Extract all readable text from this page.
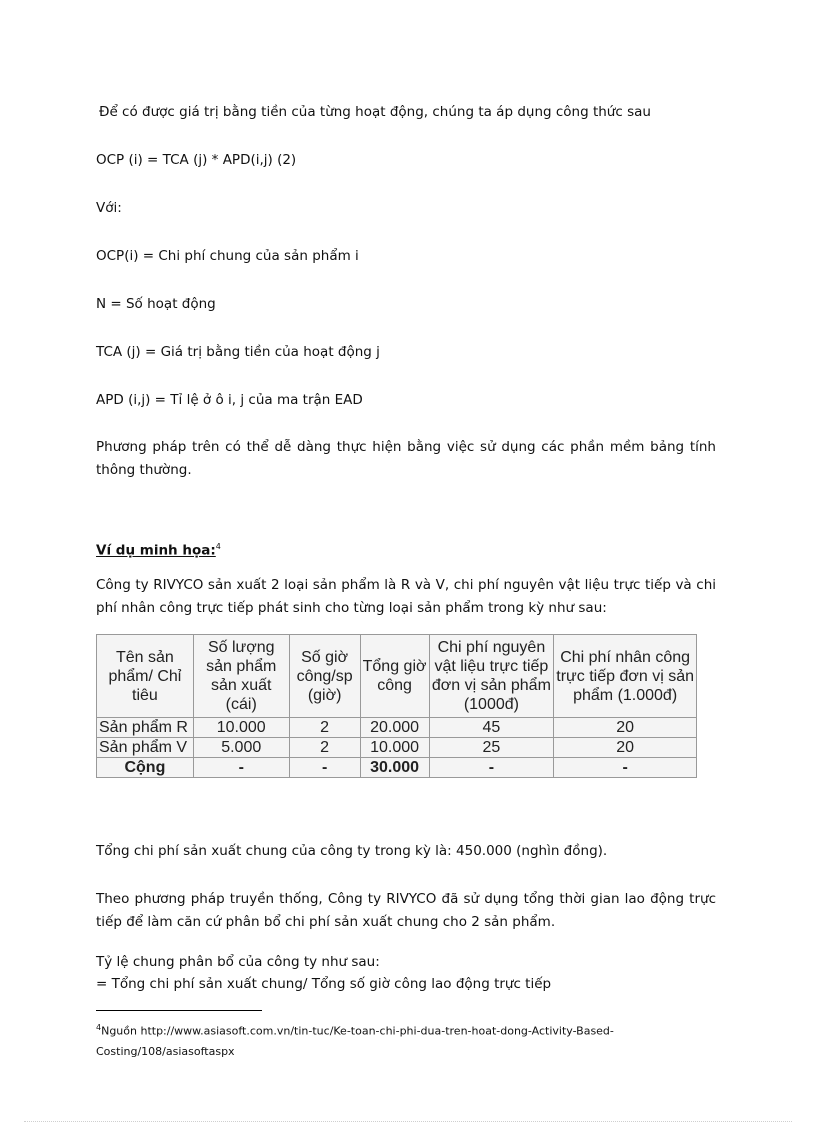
Để có được giá trị bằng tiền của từng hoạt động, chúng ta áp dụng công thức sau
OCP (i) = TCA (j) * APD(i,j) (2)
Với:
OCP(i) = Chi phí chung của sản phẩm i
N = Số hoạt động
TCA (j) = Giá trị bằng tiền của hoạt động j
APD (i,j) = Tỉ lệ ở ô i, j của ma trận EAD
Phương pháp trên có thể dễ dàng thực hiện bằng việc sử dụng các phần mềm bảng tính thông thường.
Ví dụ minh họa:$^4$
Công ty RIVYCO sản xuất 2 loại sản phẩm là R và V, chi phí nguyên vật liệu trực tiếp và chi phí nhân công trực tiếp phát sinh cho từng loại sản phẩm trong kỳ như sau:
Tên sản phẩm/ Chỉ tiêu	Số lượng sản phẩm sản xuất (cái)	Số giờ công/sp (giờ)	Tổng giờ công	Chi phí nguyên vật liệu trực tiếp đơn vị sản phẩm (1000đ)	Chi phí nhân công trực tiếp đơn vị sản phẩm (1.000đ)
Sản phẩm R	10.000	2	20.000	45	20
Sản phẩm V	5.000	2	10.000	25	20
Cộng	-	-	30.000	-	-
Tổng chi phí sản xuất chung của công ty trong kỳ là: 450.000 (nghìn đồng).
Theo phương pháp truyền thống, Công ty RIVYCO đã sử dụng tổng thời gian lao động trực tiếp để làm căn cứ phân bổ chi phí sản xuất chung cho 2 sản phẩm.
Tỷ lệ chung phân bổ của công ty như sau:
= Tổng chi phí sản xuất chung/ Tổng số giờ công lao động trực tiếp
$^4$Nguồn http://www.asiasoft.com.vn/tin-tuc/Ke-toan-chi-phi-dua-tren-hoat-dong-Activity-Based-Costing/108/asiasoftaspx
